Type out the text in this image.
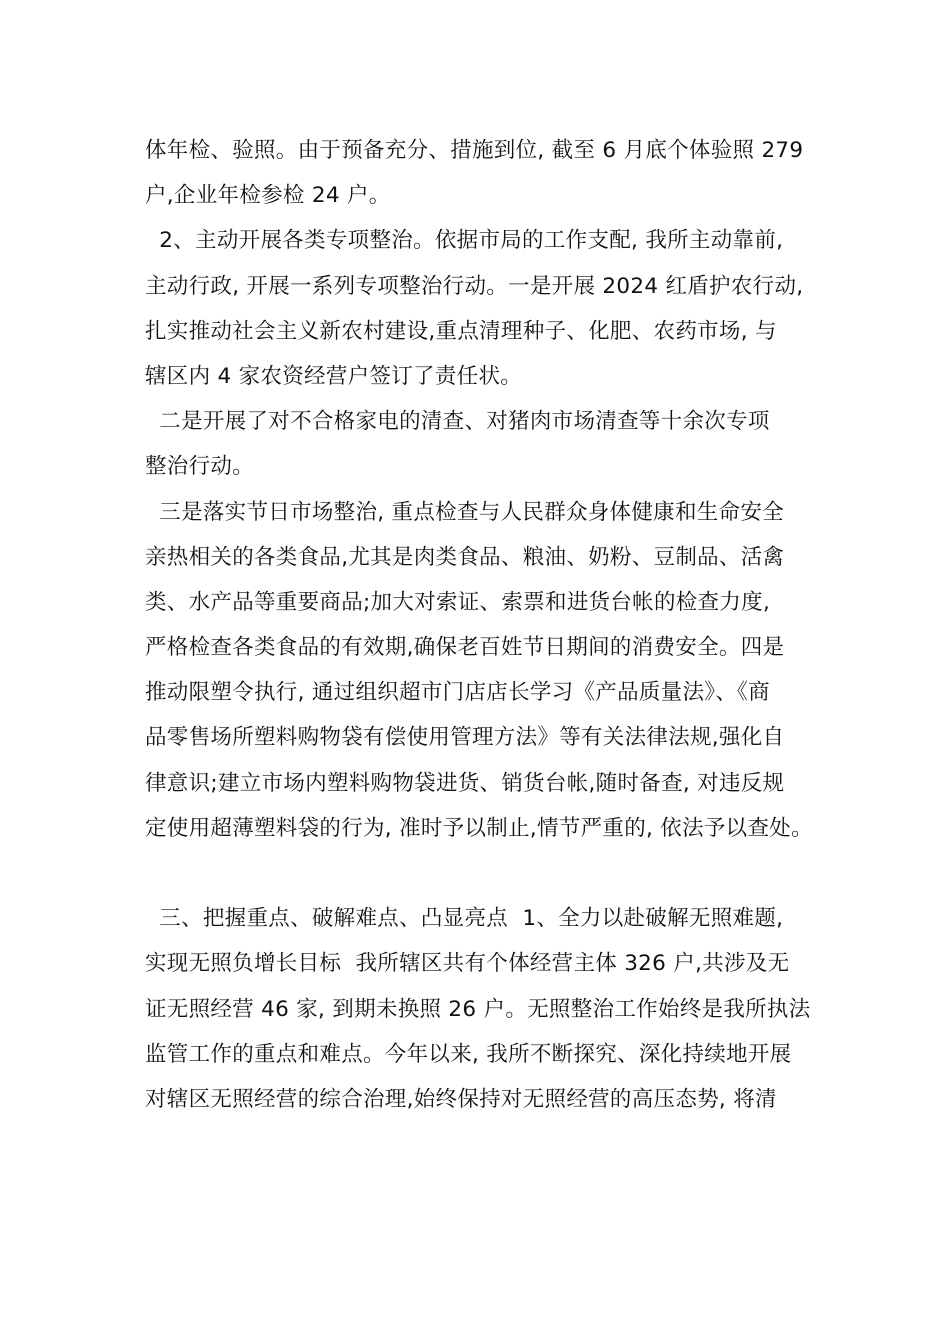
体年检、验照。由于预备充分、措施到位, 截至 6 月底个体验照 279
户,企业年检参检 24 户。
2、主动开展各类专项整治。依据市局的工作支配, 我所主动靠前,
主动行政, 开展一系列专项整治行动。一是开展 2024 红盾护农行动,
扎实推动社会主义新农村建设,重点清理种子、化肥、农药市场, 与
辖区内 4 家农资经营户签订了责任状。
二是开展了对不合格家电的清查、对猪肉市场清查等十余次专项
整治行动。
三是落实节日市场整治, 重点检查与人民群众身体健康和生命安全
亲热相关的各类食品,尤其是肉类食品、粮油、奶粉、豆制品、活禽
类、水产品等重要商品;加大对索证、索票和进货台帐的检查力度,
严格检查各类食品的有效期,确保老百姓节日期间的消费安全。四是
推动限塑令执行, 通过组织超市门店店长学习《产品质量法》、《商
品零售场所塑料购物袋有偿使用管理方法》等有关法律法规,强化自
律意识;建立市场内塑料购物袋进货、销货台帐,随时备查, 对违反规
定使用超薄塑料袋的行为, 准时予以制止,情节严重的, 依法予以查处。
三、把握重点、破解难点、凸显亮点  1、全力以赴破解无照难题,
实现无照负增长目标  我所辖区共有个体经营主体 326 户,共涉及无
证无照经营 46 家, 到期未换照 26 户。无照整治工作始终是我所执法
监管工作的重点和难点。今年以来, 我所不断探究、深化持续地开展
对辖区无照经营的综合治理,始终保持对无照经营的高压态势, 将清
